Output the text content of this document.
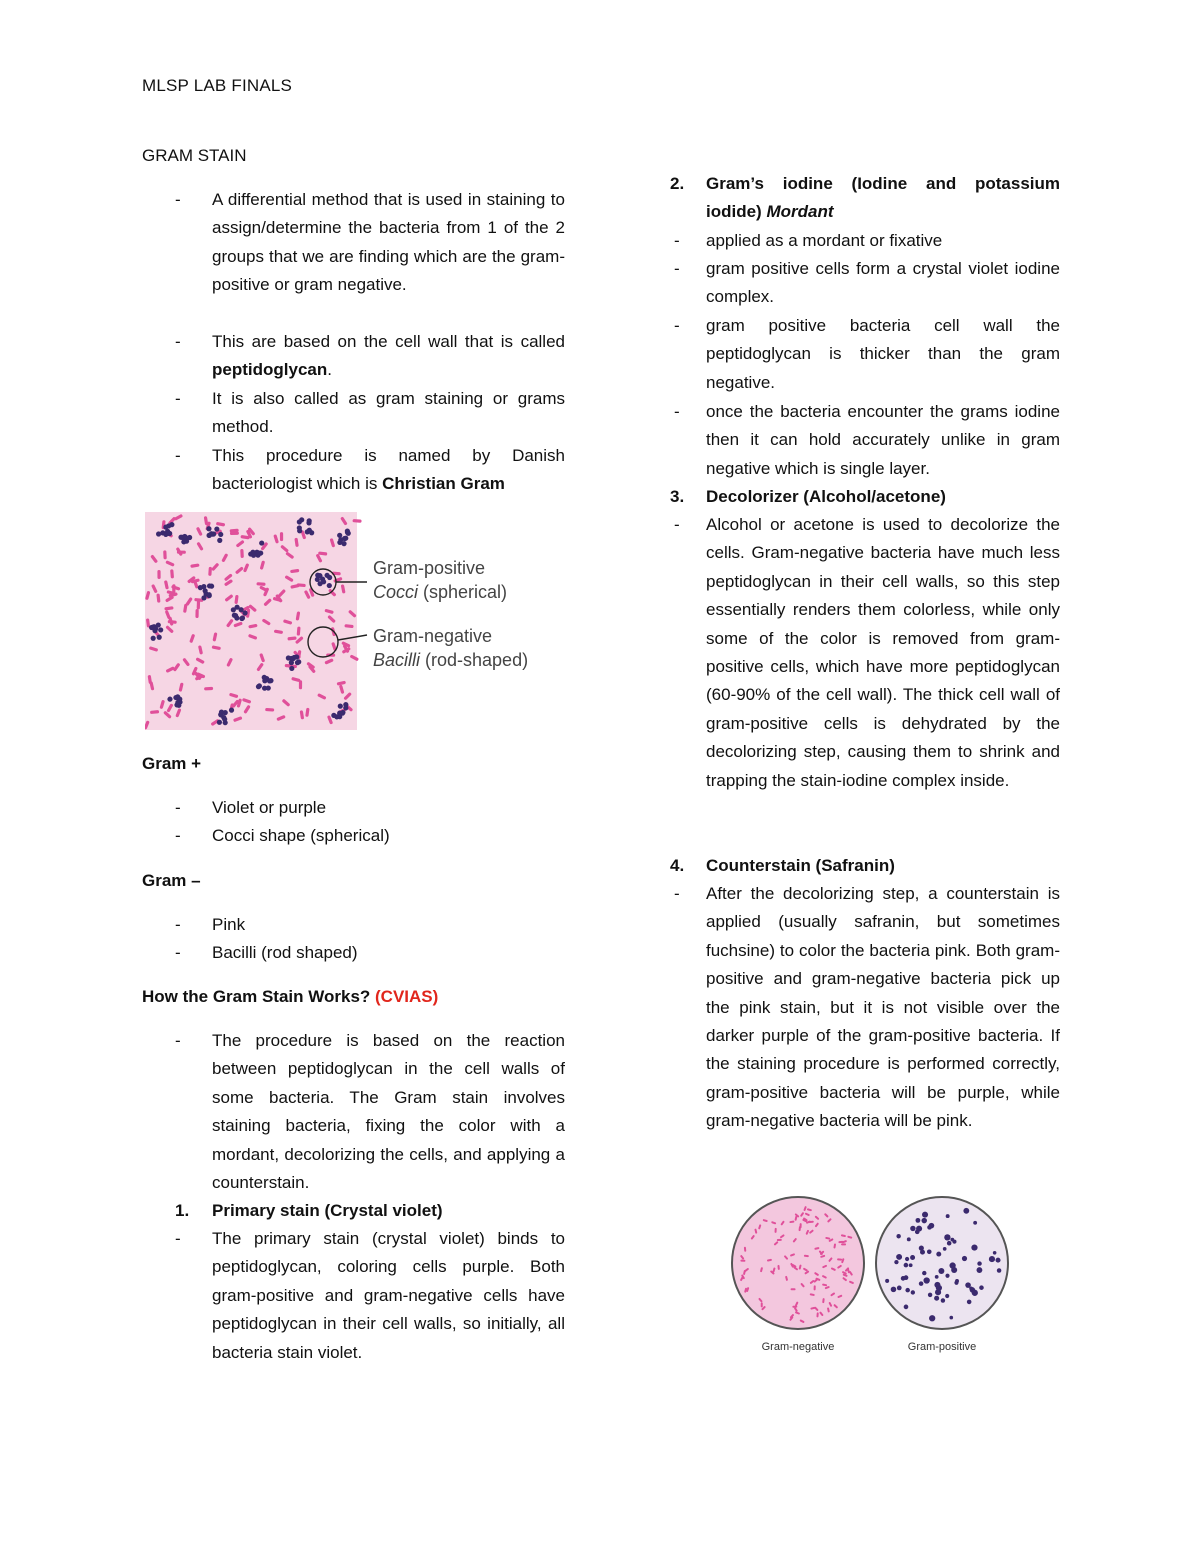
MLSP LAB FINALS
GRAM STAIN
-	A differential method that is used in staining to assign/determine the bacteria from 1 of the 2 groups that we are finding which are the gram-positive or gram negative.
-	This are based on the cell wall that is called peptidoglycan.
-	It is also called as gram staining or grams method.
-	This procedure is named by Danish bacteriologist which is Christian Gram
Gram +
-	Violet or purple
-	Cocci shape (spherical)
Gram –
-	Pink
-	Bacilli (rod shaped)
How the Gram Stain Works? (CVIAS)
-	The procedure is based on the reaction between peptidoglycan in the cell walls of some bacteria. The Gram stain involves staining bacteria, fixing the color with a mordant, decolorizing the cells, and applying a counterstain.
1. Primary stain (Crystal violet)
-	The primary stain (crystal violet) binds to peptidoglycan, coloring cells purple. Both gram-positive and gram-negative cells have peptidoglycan in their cell walls, so initially, all bacteria stain violet.
Gram-positive
Cocci (spherical)
Gram-negative
Bacilli (rod-shaped)
2. Gram’s iodine (Iodine and potassium iodide) Mordant
-	applied as a mordant or fixative
-	gram positive cells form a crystal violet iodine complex.
-	gram positive bacteria cell wall the peptidoglycan is thicker than the gram negative.
-	once the bacteria encounter the grams iodine then it can hold accurately unlike in gram negative which is single layer.
3. Decolorizer (Alcohol/acetone)
-	Alcohol or acetone is used to decolorize the cells. Gram-negative bacteria have much less peptidoglycan in their cell walls, so this step essentially renders them colorless, while only some of the color is removed from gram-positive cells, which have more peptidoglycan (60-90% of the cell wall). The thick cell wall of gram-positive cells is dehydrated by the decolorizing step, causing them to shrink and trapping the stain-iodine complex inside.
4. Counterstain (Safranin)
-	After the decolorizing step, a counterstain is applied (usually safranin, but sometimes fuchsine) to color the bacteria pink. Both gram-positive and gram-negative bacteria pick up the pink stain, but it is not visible over the darker purple of the gram-positive bacteria. If the staining procedure is performed correctly, gram-positive bacteria will be purple, while gram-negative bacteria will be pink.
Gram-negative	Gram-positive
